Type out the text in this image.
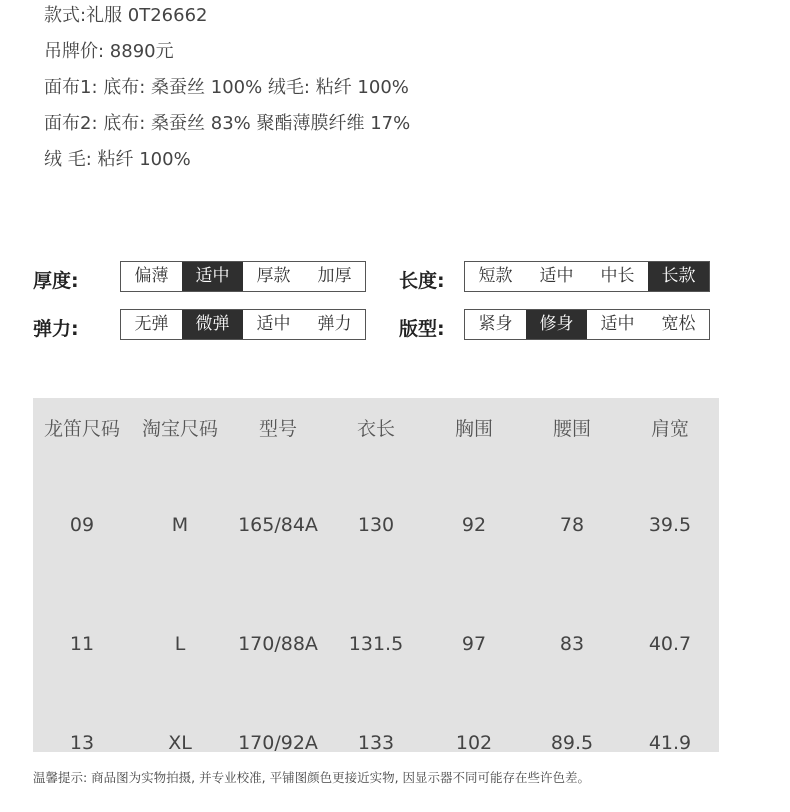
款式:礼服 0T26662
吊牌价: 8890元
面布1: 底布: 桑蚕丝 100% 绒毛: 粘纤 100%
面布2: 底布: 桑蚕丝 83% 聚酯薄膜纤维 17%
绒 毛: 粘纤 100%
厚度:	偏薄	适中	厚款	加厚	长度:	短款	适中	中长	长款
弹力:	无弹	微弹	适中	弹力	版型:	紧身	修身	适中	宽松
龙笛尺码	淘宝尺码	型号	衣长	胸围	腰围	肩宽
09	M	165/84A	130	92	78	39.5
11	L	170/88A	131.5	97	83	40.7
13	XL	170/92A	133	102	89.5	41.9
温馨提示: 商品图为实物拍摄, 并专业校准, 平铺图颜色更接近实物, 因显示器不同可能存在些许色差。
